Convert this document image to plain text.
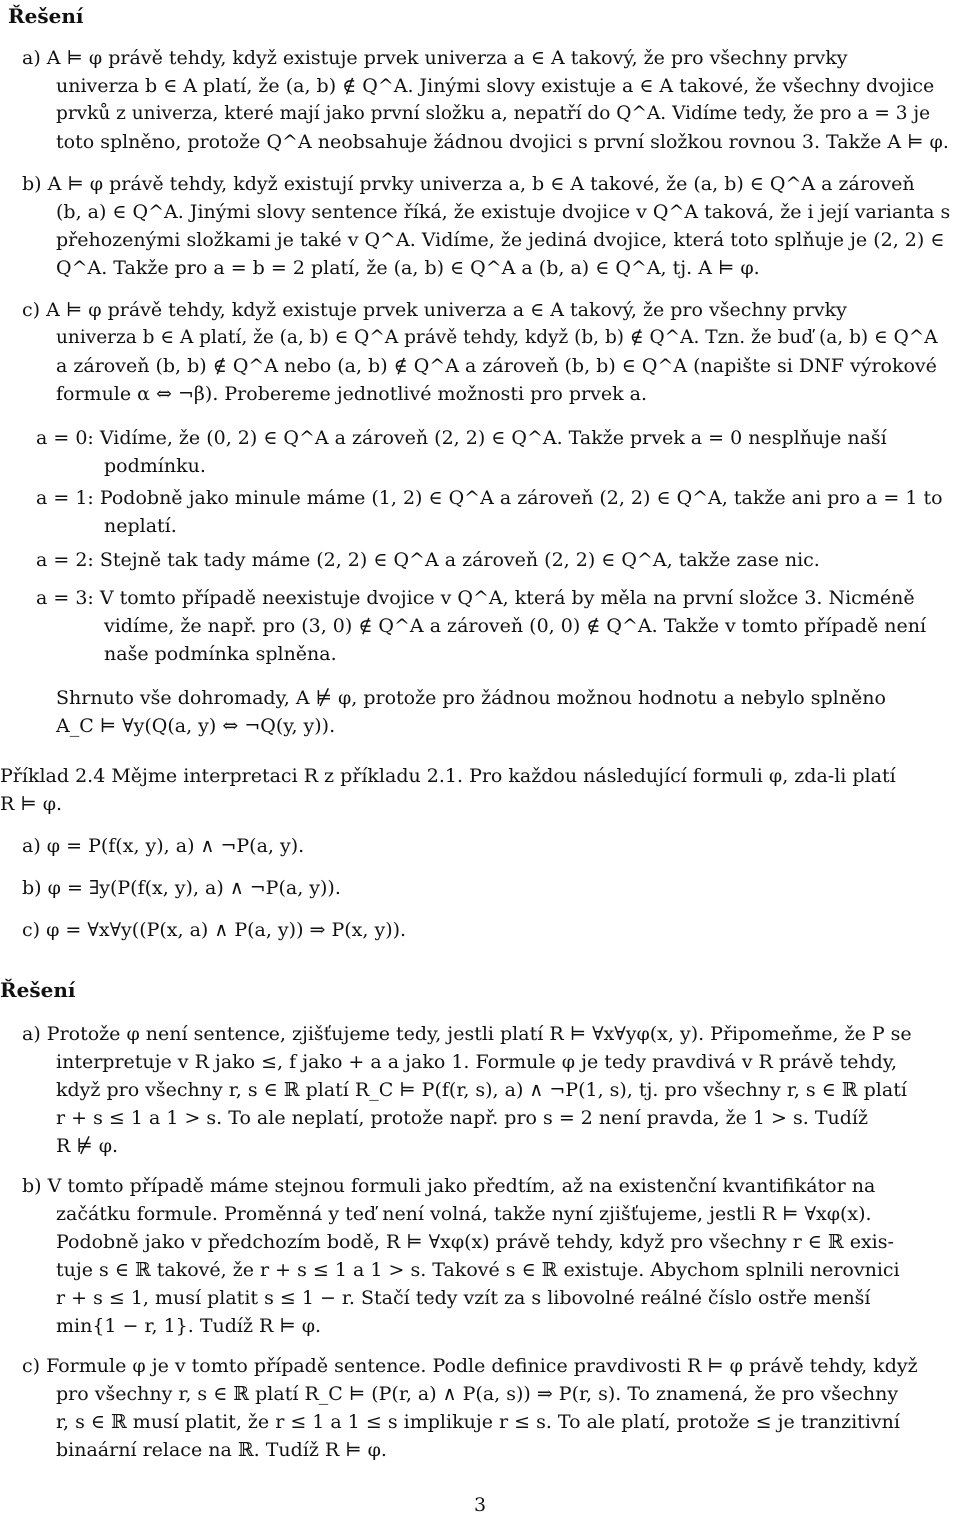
Řešení
a) A ⊨ φ právě tehdy, když existuje prvek univerza a ∈ A takový, že pro všechny prvky
univerza b ∈ A platí, že (a, b) ∉ Q^A. Jinými slovy existuje a ∈ A takové, že všechny dvojice
prvků z univerza, které mají jako první složku a, nepatří do Q^A. Vidíme tedy, že pro a = 3 je
toto splněno, protože Q^A neobsahuje žádnou dvojici s první složkou rovnou 3. Takže A ⊨ φ.
b) A ⊨ φ právě tehdy, když existují prvky univerza a, b ∈ A takové, že (a, b) ∈ Q^A a zároveň
(b, a) ∈ Q^A. Jinými slovy sentence říká, že existuje dvojice v Q^A taková, že i její varianta s
přehozenými složkami je také v Q^A. Vidíme, že jediná dvojice, která toto splňuje je (2, 2) ∈
Q^A. Takže pro a = b = 2 platí, že (a, b) ∈ Q^A a (b, a) ∈ Q^A, tj. A ⊨ φ.
c) A ⊨ φ právě tehdy, když existuje prvek univerza a ∈ A takový, že pro všechny prvky
univerza b ∈ A platí, že (a, b) ∈ Q^A právě tehdy, když (b, b) ∉ Q^A. Tzn. že buď (a, b) ∈ Q^A
a zároveň (b, b) ∉ Q^A nebo (a, b) ∉ Q^A a zároveň (b, b) ∈ Q^A (napište si DNF výrokové
formule α ⇔ ¬β). Probereme jednotlivé možnosti pro prvek a.
a = 0: Vidíme, že (0, 2) ∈ Q^A a zároveň (2, 2) ∈ Q^A. Takže prvek a = 0 nesplňuje naší
podmínku.
a = 1: Podobně jako minule máme (1, 2) ∈ Q^A a zároveň (2, 2) ∈ Q^A, takže ani pro a = 1 to
neplatí.
a = 2: Stejně tak tady máme (2, 2) ∈ Q^A a zároveň (2, 2) ∈ Q^A, takže zase nic.
a = 3: V tomto případě neexistuje dvojice v Q^A, která by měla na první složce 3. Nicméně
vidíme, že např. pro (3, 0) ∉ Q^A a zároveň (0, 0) ∉ Q^A. Takže v tomto případě není
naše podmínka splněna.
Shrnuto vše dohromady, A ⊭ φ, protože pro žádnou možnou hodnotu a nebylo splněno
A_C ⊨ ∀y(Q(a, y) ⇔ ¬Q(y, y)).
Příklad 2.4 Mějme interpretaci R z příkladu 2.1. Pro každou následující formuli φ, zda-li platí
R ⊨ φ.
a) φ = P(f(x, y), a) ∧ ¬P(a, y).
b) φ = ∃y(P(f(x, y), a) ∧ ¬P(a, y)).
c) φ = ∀x∀y((P(x, a) ∧ P(a, y)) ⇒ P(x, y)).
Řešení
a) Protože φ není sentence, zjišťujeme tedy, jestli platí R ⊨ ∀x∀yφ(x, y). Připomeňme, že P se
interpretuje v R jako ≤, f jako + a a jako 1. Formule φ je tedy pravdivá v R právě tehdy,
když pro všechny r, s ∈ ℝ platí R_C ⊨ P(f(r, s), a) ∧ ¬P(1, s), tj. pro všechny r, s ∈ ℝ platí
r + s ≤ 1 a 1 > s. To ale neplatí, protože např. pro s = 2 není pravda, že 1 > s. Tudíž
R ⊭ φ.
b) V tomto případě máme stejnou formuli jako předtím, až na existenční kvantifikátor na
začátku formule. Proměnná y teď není volná, takže nyní zjišťujeme, jestli R ⊨ ∀xφ(x).
Podobně jako v předchozím bodě, R ⊨ ∀xφ(x) právě tehdy, když pro všechny r ∈ ℝ exis-
tuje s ∈ ℝ takové, že r + s ≤ 1 a 1 > s. Takové s ∈ ℝ existuje. Abychom splnili nerovnici
r + s ≤ 1, musí platit s ≤ 1 − r. Stačí tedy vzít za s libovolné reálné číslo ostře menší
min{1 − r, 1}. Tudíž R ⊨ φ.
c) Formule φ je v tomto případě sentence. Podle definice pravdivosti R ⊨ φ právě tehdy, když
pro všechny r, s ∈ ℝ platí R_C ⊨ (P(r, a) ∧ P(a, s)) ⇒ P(r, s). To znamená, že pro všechny
r, s ∈ ℝ musí platit, že r ≤ 1 a 1 ≤ s implikuje r ≤ s. To ale platí, protože ≤ je tranzitivní
binaární relace na ℝ. Tudíž R ⊨ φ.
3
